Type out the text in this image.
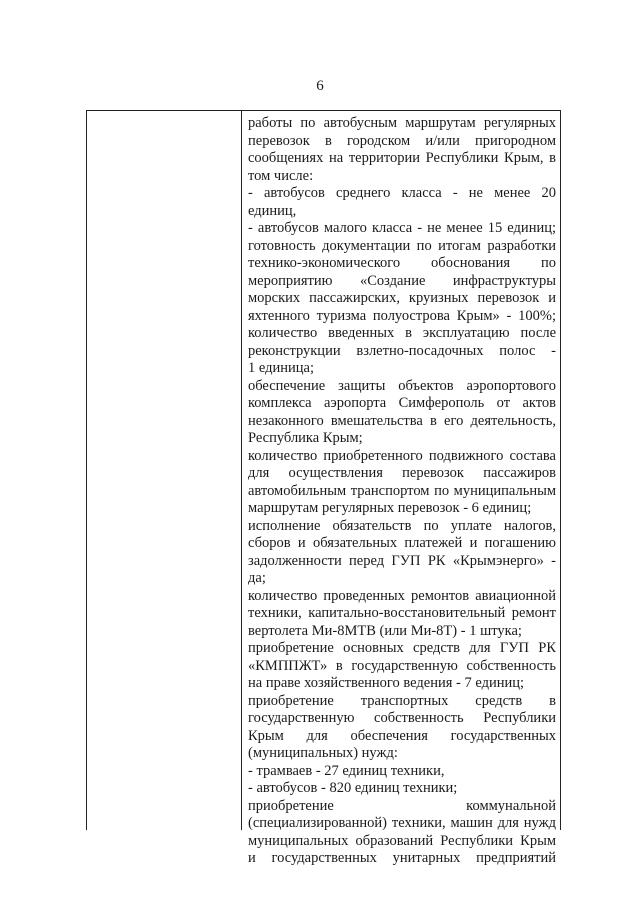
6
работы по автобусным маршрутам регулярных
перевозок в городском и/или пригородном
сообщениях на территории Республики Крым, в
том числе:
- автобусов среднего класса - не менее 20
единиц,
- автобусов малого класса - не менее 15 единиц;
готовность документации по итогам разработки
технико-экономического обоснования по
мероприятию «Создание инфраструктуры
морских пассажирских, круизных перевозок и
яхтенного туризма полуострова Крым» - 100%;
количество введенных в эксплуатацию после
реконструкции взлетно-посадочных полос -
1 единица;
обеспечение защиты объектов аэропортового
комплекса аэропорта Симферополь от актов
незаконного вмешательства в его деятельность,
Республика Крым;
количество приобретенного подвижного состава
для осуществления перевозок пассажиров
автомобильным транспортом по муниципальным
маршрутам регулярных перевозок - 6 единиц;
исполнение обязательств по уплате налогов,
сборов и обязательных платежей и погашению
задолженности перед ГУП РК «Крымэнерго» -
да;
количество проведенных ремонтов авиационной
техники, капитально-восстановительный ремонт
вертолета Ми-8МТВ (или Ми-8Т) - 1 штука;
приобретение основных средств для ГУП РК
«КМППЖТ» в государственную собственность
на праве хозяйственного ведения - 7 единиц;
приобретение транспортных средств в
государственную собственность Республики
Крым для обеспечения государственных
(муниципальных) нужд:
- трамваев - 27 единиц техники,
- автобусов - 820 единиц техники;
приобретение коммунальной
(специализированной) техники, машин для нужд
муниципальных образований Республики Крым
и государственных унитарных предприятий
